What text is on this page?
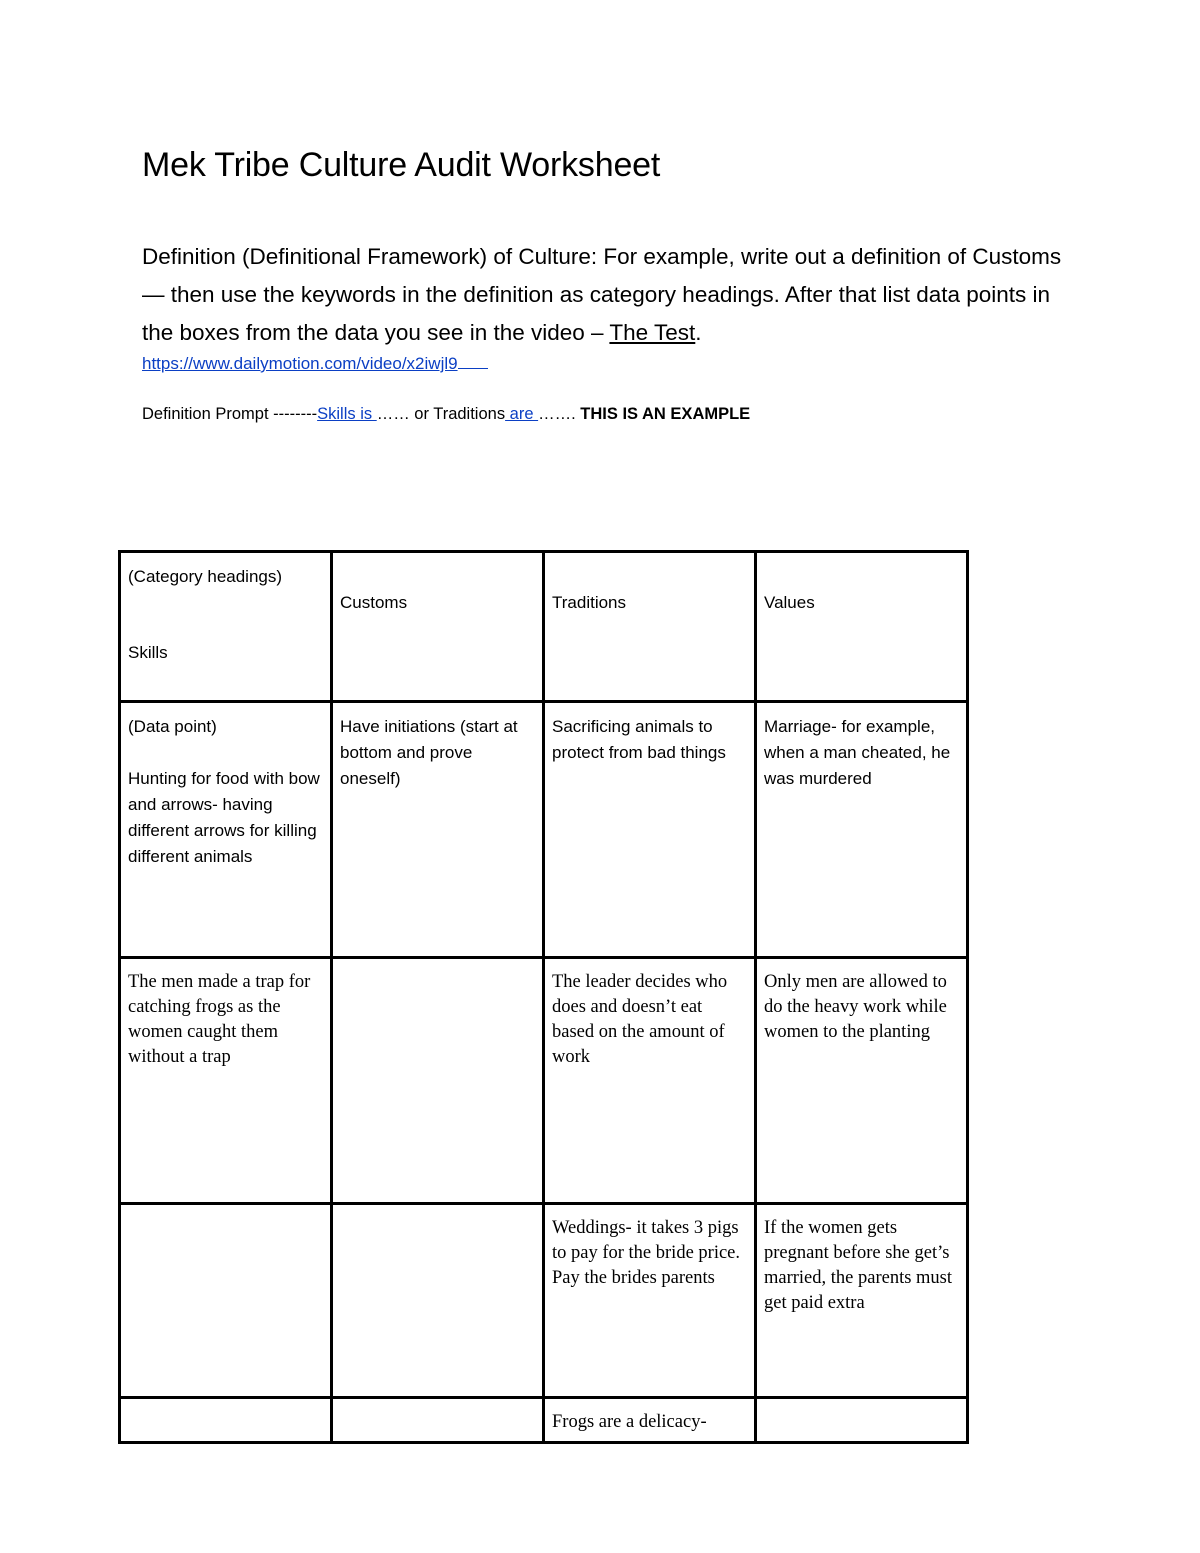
Mek Tribe Culture Audit Worksheet

Definition (Definitional Framework) of Culture: For example, write out a definition of Customs— then use the keywords in the definition as category headings. After that list data points in the boxes from the data you see in the video – The Test.

https://www.dailymotion.com/video/x2iwjl9

Definition Prompt --------Skills is …… or Traditions are ……. THIS IS AN EXAMPLE

(Category headings)
Skills	Customs	Traditions	Values
(Data point)
Hunting for food with bow and arrows- having different arrows for killing different animals	Have initiations (start at bottom and prove oneself)	Sacrificing animals to protect from bad things	Marriage- for example, when a man cheated, he was murdered
The men made a trap for catching frogs as the women caught them without a trap		The leader decides who does and doesn’t eat based on the amount of work	Only men are allowed to do the heavy work while women to the planting
		Weddings- it takes 3 pigs to pay for the bride price. Pay the brides parents	If the women gets pregnant before she get’s married, the parents must get paid extra
		Frogs are a delicacy-	
